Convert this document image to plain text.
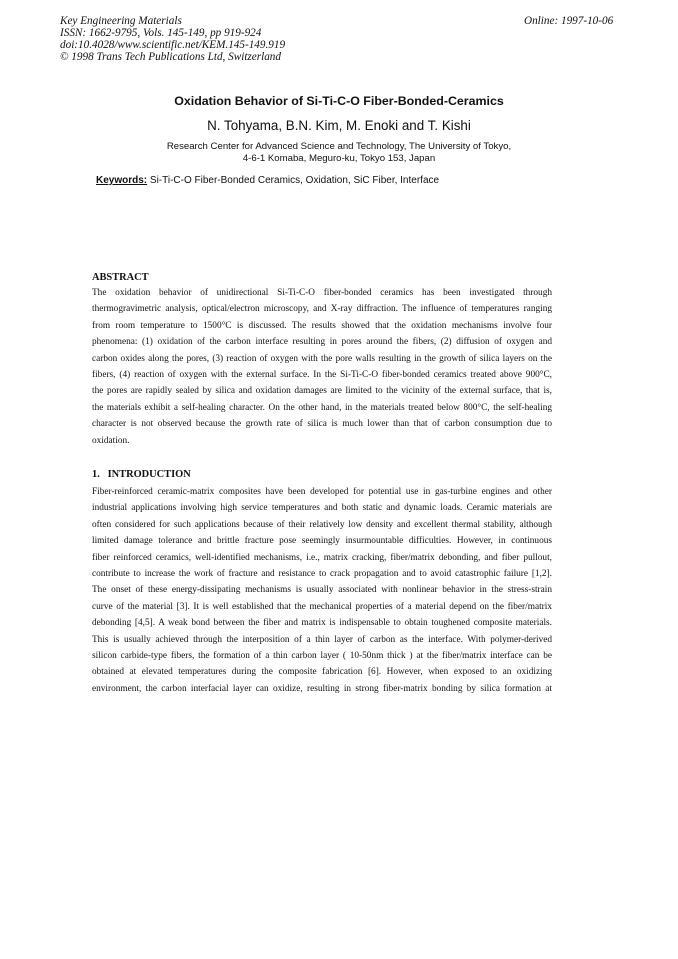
Key Engineering Materials
ISSN: 1662-9795, Vols. 145-149, pp 919-924
doi:10.4028/www.scientific.net/KEM.145-149.919
© 1998 Trans Tech Publications Ltd, Switzerland
Online: 1997-10-06
Oxidation Behavior of Si-Ti-C-O Fiber-Bonded-Ceramics
N. Tohyama, B.N. Kim, M. Enoki and T. Kishi
Research Center for Advanced Science and Technology, The University of Tokyo,
4-6-1 Komaba, Meguro-ku, Tokyo 153, Japan
Keywords: Si-Ti-C-O Fiber-Bonded Ceramics, Oxidation, SiC Fiber, Interface
ABSTRACT
The oxidation behavior of unidirectional Si-Ti-C-O fiber-bonded ceramics has been investigated through
thermogravimetric analysis, optical/electron microscopy, and X-ray diffraction. The influence of temperatures ranging
from room temperature to 1500°C is discussed. The results showed that the oxidation mechanisms involve four
phenomena: (1) oxidation of the carbon interface resulting in pores around the fibers, (2) diffusion of oxygen and
carbon oxides along the pores, (3) reaction of oxygen with the pore walls resulting in the growth of silica layers on the
fibers, (4) reaction of oxygen with the external surface. In the Si-Ti-C-O fiber-bonded ceramics treated above 900°C,
the pores are rapidly sealed by silica and oxidation damages are limited to the vicinity of the external surface, that is,
the materials exhibit a self-healing character. On the other hand, in the materials treated below 800°C, the self-healing
character is not observed because the growth rate of silica is much lower than that of carbon consumption due to
oxidation.
1.   INTRODUCTION
Fiber-reinforced ceramic-matrix composites have been developed for potential use in gas-turbine engines and other
industrial applications involving high service temperatures and both static and dynamic loads. Ceramic materials are
often considered for such applications because of their relatively low density and excellent thermal stability, although
limited damage tolerance and brittle fracture pose seemingly insurmountable difficulties. However, in continuous
fiber reinforced ceramics, well-identified mechanisms, i.e., matrix cracking, fiber/matrix debonding, and fiber pullout,
contribute to increase the work of fracture and resistance to crack propagation and to avoid catastrophic failure [1,2].
The onset of these energy-dissipating mechanisms is usually associated with nonlinear behavior in the stress-strain
curve of the material [3]. It is well established that the mechanical properties of a material depend on the fiber/matrix
debonding [4,5]. A weak bond between the fiber and matrix is indispensable to obtain toughened composite materials.
This is usually achieved through the interposition of a thin layer of carbon as the interface. With polymer-derived
silicon carbide-type fibers, the formation of a thin carbon layer ( 10-50nm thick ) at the fiber/matrix interface can be
obtained at elevated temperatures during the composite fabrication [6]. However, when exposed to an oxidizing
environment, the carbon interfacial layer can oxidize, resulting in strong fiber-matrix bonding by silica formation at
